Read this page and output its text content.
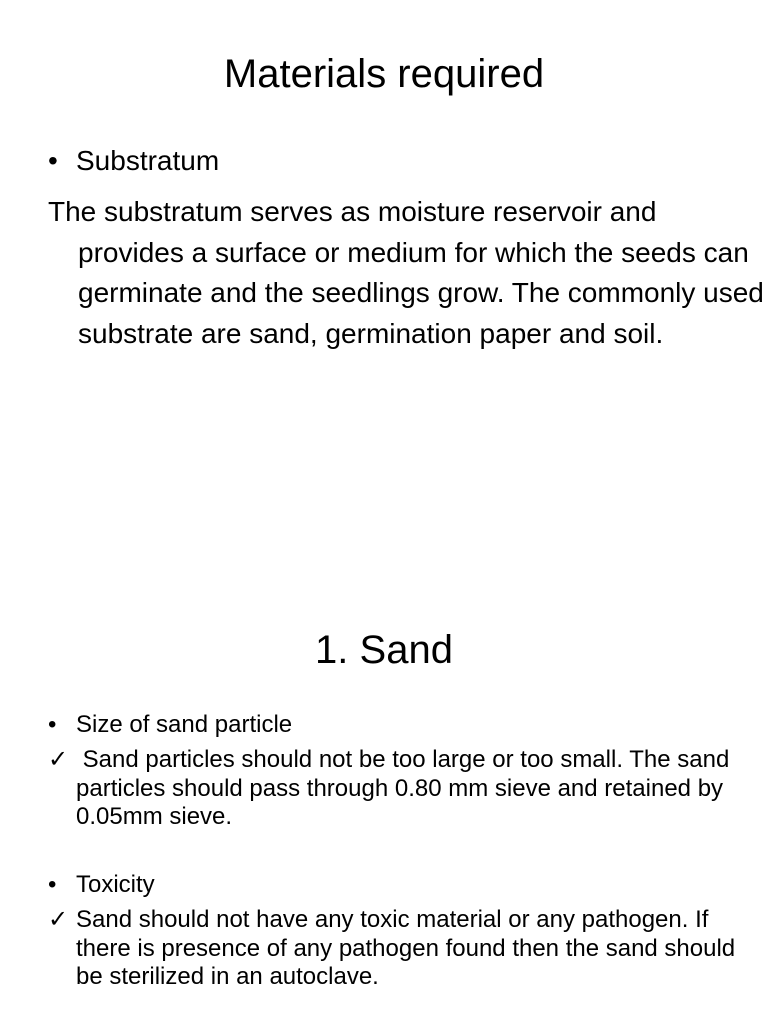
Materials required
• Substratum

The substratum serves as moisture reservoir and provides a surface or medium for which the seeds can germinate and the seedlings grow. The commonly used substrate are sand, germination paper and soil.

1. Sand
• Size of sand particle

✓ Sand particles should not be too large or too small. The sand particles should pass through 0.80 mm sieve and retained by 0.05mm sieve.

• Toxicity

✓ Sand should not have any toxic material or any pathogen. If there is presence of any pathogen found then the sand should be sterilized in an autoclave.
